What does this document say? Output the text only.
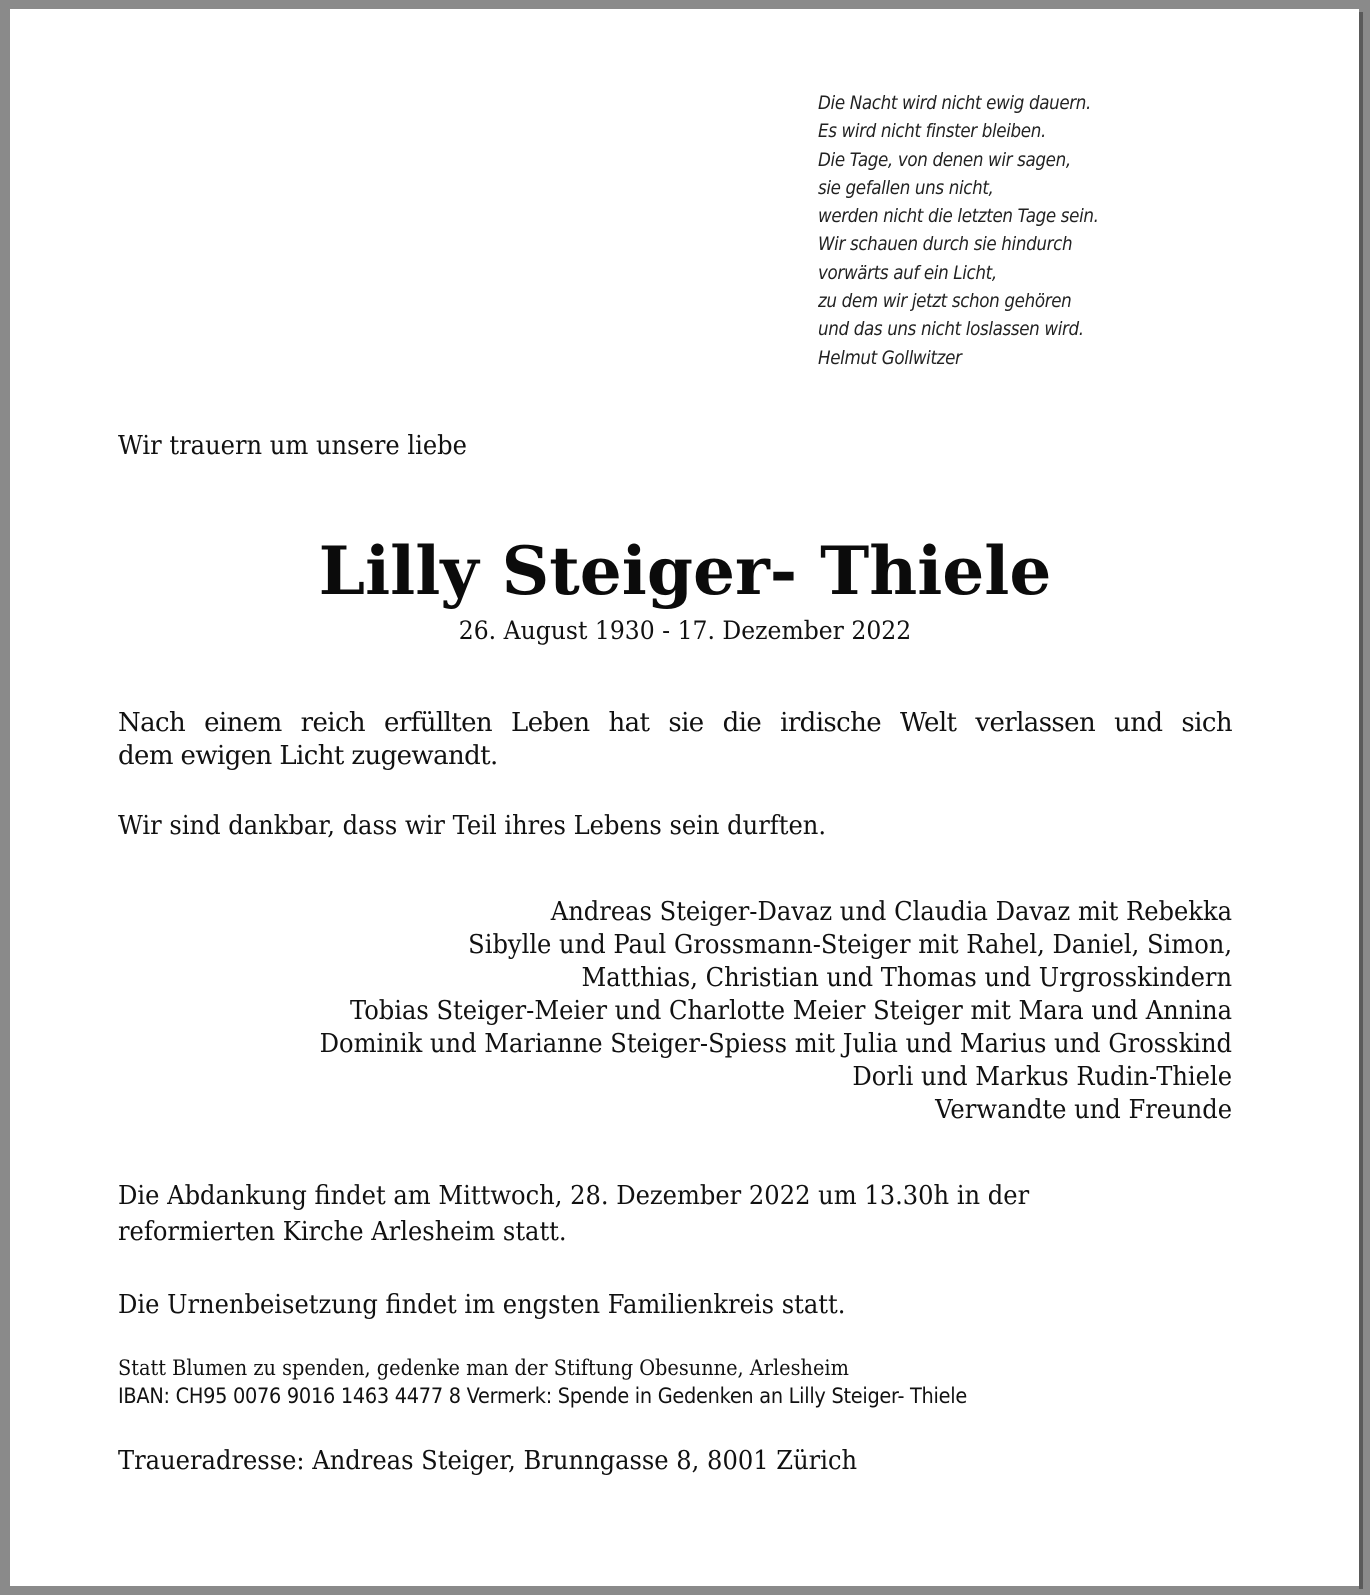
Die Nacht wird nicht ewig dauern.
Es wird nicht finster bleiben.
Die Tage, von denen wir sagen,
sie gefallen uns nicht,
werden nicht die letzten Tage sein.
Wir schauen durch sie hindurch
vorwärts auf ein Licht,
zu dem wir jetzt schon gehören
und das uns nicht loslassen wird.
Helmut Gollwitzer
Wir trauern um unsere liebe
Lilly Steiger- Thiele
26. August 1930 - 17. Dezember 2022
Nach einem reich erfüllten Leben hat sie die irdische Welt verlassen und sich
dem ewigen Licht zugewandt.
Wir sind dankbar, dass wir Teil ihres Lebens sein durften.
Andreas Steiger-Davaz und Claudia Davaz mit Rebekka
Sibylle und Paul Grossmann-Steiger mit Rahel, Daniel, Simon,
Matthias, Christian und Thomas und Urgrosskindern
Tobias Steiger-Meier und Charlotte Meier Steiger mit Mara und Annina
Dominik und Marianne Steiger-Spiess mit Julia und Marius und Grosskind
Dorli und Markus Rudin-Thiele
Verwandte und Freunde
Die Abdankung findet am Mittwoch, 28. Dezember 2022 um 13.30h in der
reformierten Kirche Arlesheim statt.
Die Urnenbeisetzung findet im engsten Familienkreis statt.
Statt Blumen zu spenden, gedenke man der Stiftung Obesunne, Arlesheim
IBAN: CH95 0076 9016 1463 4477 8 Vermerk: Spende in Gedenken an Lilly Steiger- Thiele
Traueradresse: Andreas Steiger, Brunngasse 8, 8001 Zürich
